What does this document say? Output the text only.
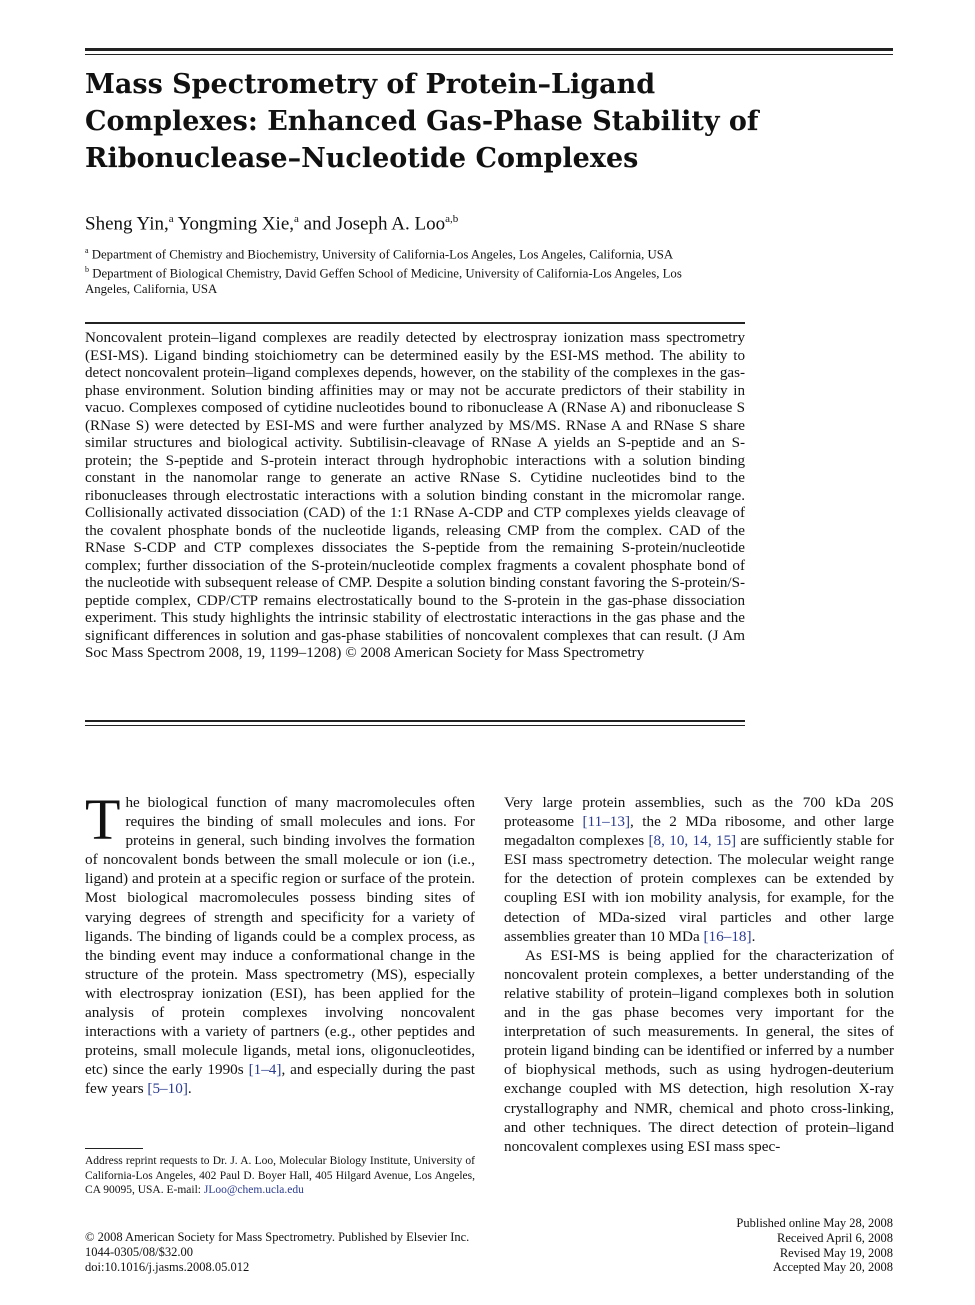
Mass Spectrometry of Protein–Ligand
Complexes: Enhanced Gas-Phase Stability of
Ribonuclease–Nucleotide Complexes
Sheng Yin,$^a$ Yongming Xie,$^a$ and Joseph A. Loo$^{a,b}$
$^a$ Department of Chemistry and Biochemistry, University of California-Los Angeles, Los Angeles, California, USA
$^b$ Department of Biological Chemistry, David Geffen School of Medicine, University of California-Los Angeles, Los Angeles, California, USA
Noncovalent protein–ligand complexes are readily detected by electrospray ionization mass spectrometry (ESI-MS). Ligand binding stoichiometry can be determined easily by the ESI-MS method. The ability to detect noncovalent protein–ligand complexes depends, however, on the stability of the complexes in the gas-phase environment. Solution binding affinities may or may not be accurate predictors of their stability in vacuo. Complexes composed of cytidine nucleotides bound to ribonuclease A (RNase A) and ribonuclease S (RNase S) were detected by ESI-MS and were further analyzed by MS/MS. RNase A and RNase S share similar structures and biological activity. Subtilisin-cleavage of RNase A yields an S-peptide and an S-protein; the S-peptide and S-protein interact through hydrophobic interactions with a solution binding constant in the nanomolar range to generate an active RNase S. Cytidine nucleotides bind to the ribonucleases through electrostatic interactions with a solution binding constant in the micromolar range. Collisionally activated dissociation (CAD) of the 1:1 RNase A-CDP and CTP complexes yields cleavage of the covalent phosphate bonds of the nucleotide ligands, releasing CMP from the complex. CAD of the RNase S-CDP and CTP complexes dissociates the S-peptide from the remaining S-protein/nucleotide complex; further dissociation of the S-protein/nucleotide complex fragments a covalent phosphate bond of the nucleotide with subsequent release of CMP. Despite a solution binding constant favoring the S-protein/S-peptide complex, CDP/CTP remains electrostatically bound to the S-protein in the gas-phase dissociation experiment. This study highlights the intrinsic stability of electrostatic interactions in the gas phase and the significant differences in solution and gas-phase stabilities of noncovalent complexes that can result. (J Am Soc Mass Spectrom 2008, 19, 1199–1208) © 2008 American Society for Mass Spectrometry

The biological function of many macromolecules often requires the binding of small molecules and ions. For proteins in general, such binding involves the formation of noncovalent bonds between the small molecule or ion (i.e., ligand) and protein at a specific region or surface of the protein. Most biological macromolecules possess binding sites of varying degrees of strength and specificity for a variety of ligands. The binding of ligands could be a complex process, as the binding event may induce a conformational change in the structure of the protein. Mass spectrometry (MS), especially with electrospray ionization (ESI), has been applied for the analysis of protein complexes involving noncovalent interactions with a variety of partners (e.g., other peptides and proteins, small molecule ligands, metal ions, oligonucleotides, etc) since the early 1990s [1–4], and especially during the past few years [5–10].

Very large protein assemblies, such as the 700 kDa 20S proteasome [11–13], the 2 MDa ribosome, and other large megadalton complexes [8, 10, 14, 15] are sufficiently stable for ESI mass spectrometry detection. The molecular weight range for the detection of protein complexes can be extended by coupling ESI with ion mobility analysis, for example, for the detection of MDa-sized viral particles and other large assemblies greater than 10 MDa [16–18].

As ESI-MS is being applied for the characterization of noncovalent protein complexes, a better understanding of the relative stability of protein–ligand complexes both in solution and in the gas phase becomes very important for the interpretation of such measurements. In general, the sites of protein ligand binding can be identified or inferred by a number of biophysical methods, such as using hydrogen-deuterium exchange coupled with MS detection, high resolution X-ray crystallography and NMR, chemical and photo cross-linking, and other techniques. The direct detection of protein–ligand noncovalent complexes using ESI mass spec-

Address reprint requests to Dr. J. A. Loo, Molecular Biology Institute, University of California-Los Angeles, 402 Paul D. Boyer Hall, 405 Hilgard Avenue, Los Angeles, CA 90095, USA. E-mail: JLoo@chem.ucla.edu
© 2008 American Society for Mass Spectrometry. Published by Elsevier Inc.
1044-0305/08/$32.00
doi:10.1016/j.jasms.2008.05.012
Published online May 28, 2008
Received April 6, 2008
Revised May 19, 2008
Accepted May 20, 2008
